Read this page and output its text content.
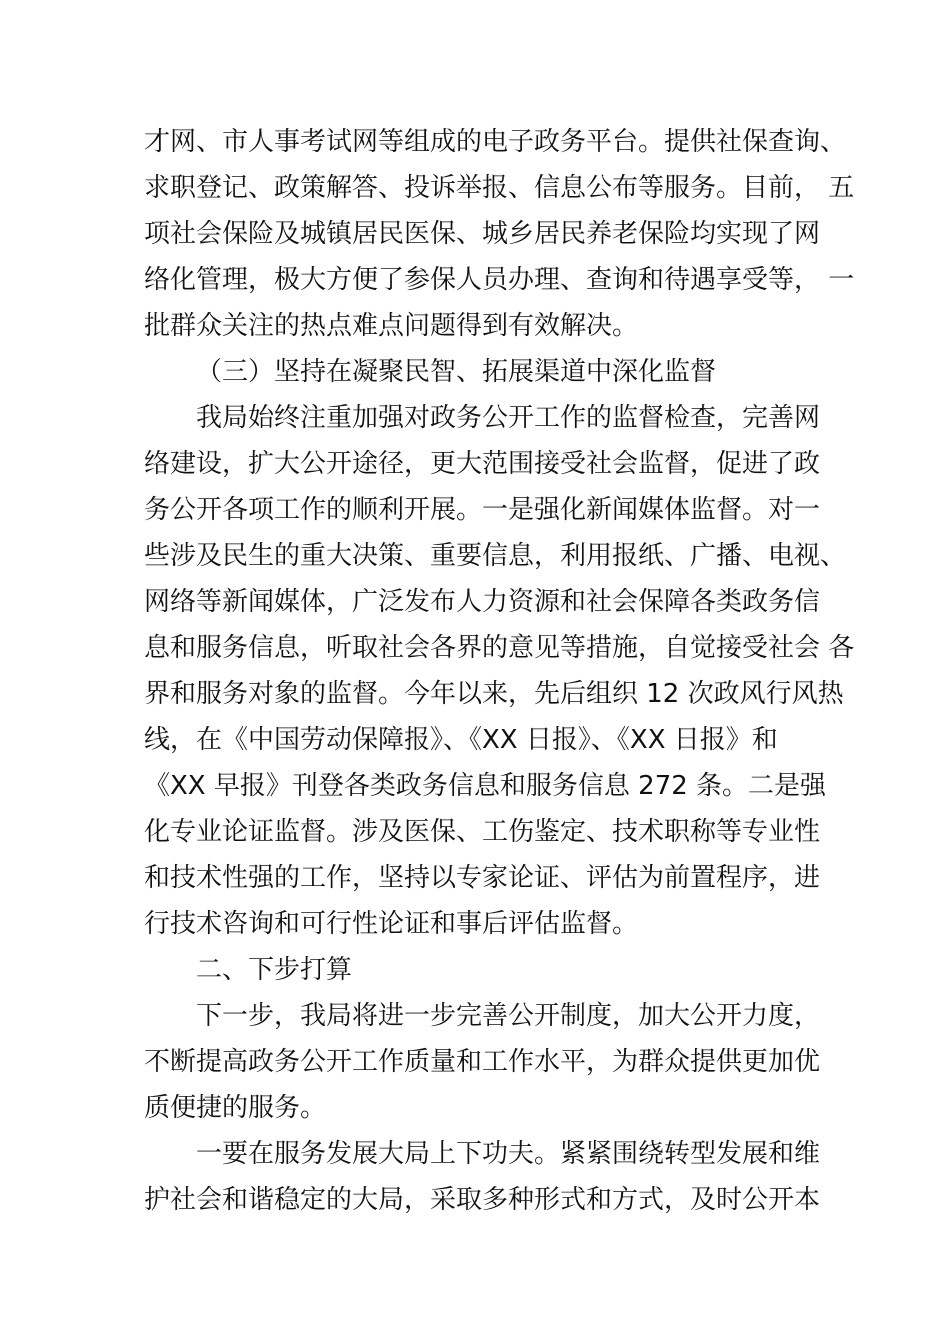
才网、市人事考试网等组成的电子政务平台。提供社保查询、

求职登记、政策解答、投诉举报、信息公布等服务。目前， 五

项社会保险及城镇居民医保、城乡居民养老保险均实现了网

络化管理，极大方便了参保人员办理、查询和待遇享受等， 一

批群众关注的热点难点问题得到有效解决。

（三）坚持在凝聚民智、拓展渠道中深化监督

我局始终注重加强对政务公开工作的监督检查，完善网

络建设，扩大公开途径，更大范围接受社会监督，促进了政

务公开各项工作的顺利开展。一是强化新闻媒体监督。对一

些涉及民生的重大决策、重要信息，利用报纸、广播、电视、

网络等新闻媒体，广泛发布人力资源和社会保障各类政务信

息和服务信息，听取社会各界的意见等措施，自觉接受社会 各

界和服务对象的监督。今年以来，先后组织 12 次政风行风热

线，在《中国劳动保障报》、《XX 日报》、《XX 日报》和

《XX 早报》刊登各类政务信息和服务信息 272 条。二是强

化专业论证监督。涉及医保、工伤鉴定、技术职称等专业性

和技术性强的工作，坚持以专家论证、评估为前置程序，进

行技术咨询和可行性论证和事后评估监督。

二、下步打算

下一步，我局将进一步完善公开制度，加大公开力度，

不断提高政务公开工作质量和工作水平，为群众提供更加优

质便捷的服务。

一要在服务发展大局上下功夫。紧紧围绕转型发展和维

护社会和谐稳定的大局，采取多种形式和方式，及时公开本
